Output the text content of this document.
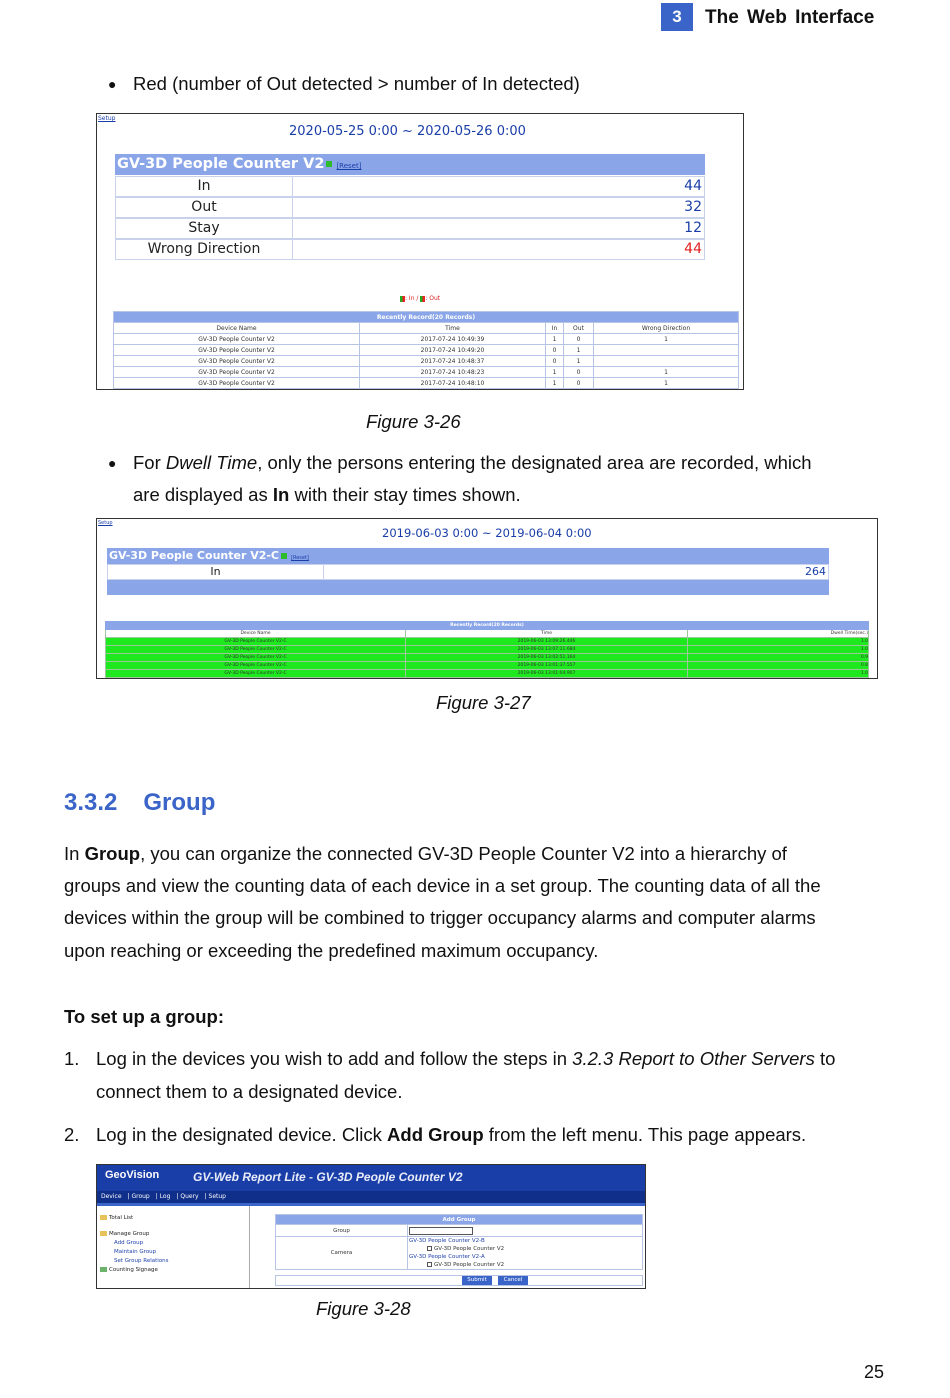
3	The Web Interface
● Red (number of Out detected > number of In detected)
Setup
2020-05-25 0:00 ~ 2020-05-26 0:00
GV-3D People Counter V2 [Reset]
In	44
Out	32
Stay	12
Wrong Direction	44
: In / : Out
Recently Record(20 Records)				
Device Name	Time	In	Out	Wrong Direction
GV-3D People Counter V2	2017-07-24 10:49:39	1	0	1
GV-3D People Counter V2	2017-07-24 10:49:20	0	1	
GV-3D People Counter V2	2017-07-24 10:48:37	0	1	
GV-3D People Counter V2	2017-07-24 10:48:23	1	0	1
GV-3D People Counter V2	2017-07-24 10:48:10	1	0	1
Figure 3-26
● For Dwell Time, only the persons entering the designated area are recorded, which
are displayed as In with their stay times shown.
Setup
2019-06-03 0:00 ~ 2019-06-04 0:00
GV-3D People Counter V2-C [Reset]
In	264
Recently Record(20 Records)		
Device Name	Time	Dwell Time(sec.)
GV-3D People Counter V2-C	2019-06-03 13:09:26.446	1.0
GV-3D People Counter V2-C	2019-06-03 13:07:11.684	1.0
GV-3D People Counter V2-C	2019-06-03 13:02:51.164	0.9
GV-3D People Counter V2-C	2019-06-03 13:01:37.557	0.8
GV-3D People Counter V2-C	2019-06-03 13:01:04.907	1.0
Figure 3-27
3.3.2 Group
In Group, you can organize the connected GV-3D People Counter V2 into a hierarchy of
groups and view the counting data of each device in a set group. The counting data of all the
devices within the group will be combined to trigger occupancy alarms and computer alarms
upon reaching or exceeding the predefined maximum occupancy.
To set up a group:
1. Log in the devices you wish to add and follow the steps in 3.2.3 Report to Other Servers to
connect them to a designated device.
2. Log in the designated device. Click Add Group from the left menu. This page appears.
GeoVision	GV-Web Report Lite - GV-3D People Counter V2
Device | Group | Log | Query | Setup
Total List
Manage Group
Add Group
Maintain Group
Set Group Relations
Counting Signage
Add Group	
Group	
Camera	GV-3D People Counter V2-B
GV-3D People Counter V2
GV-3D People Counter V2-A
GV-3D People Counter V2
Submit	Cancel
Figure 3-28
25
